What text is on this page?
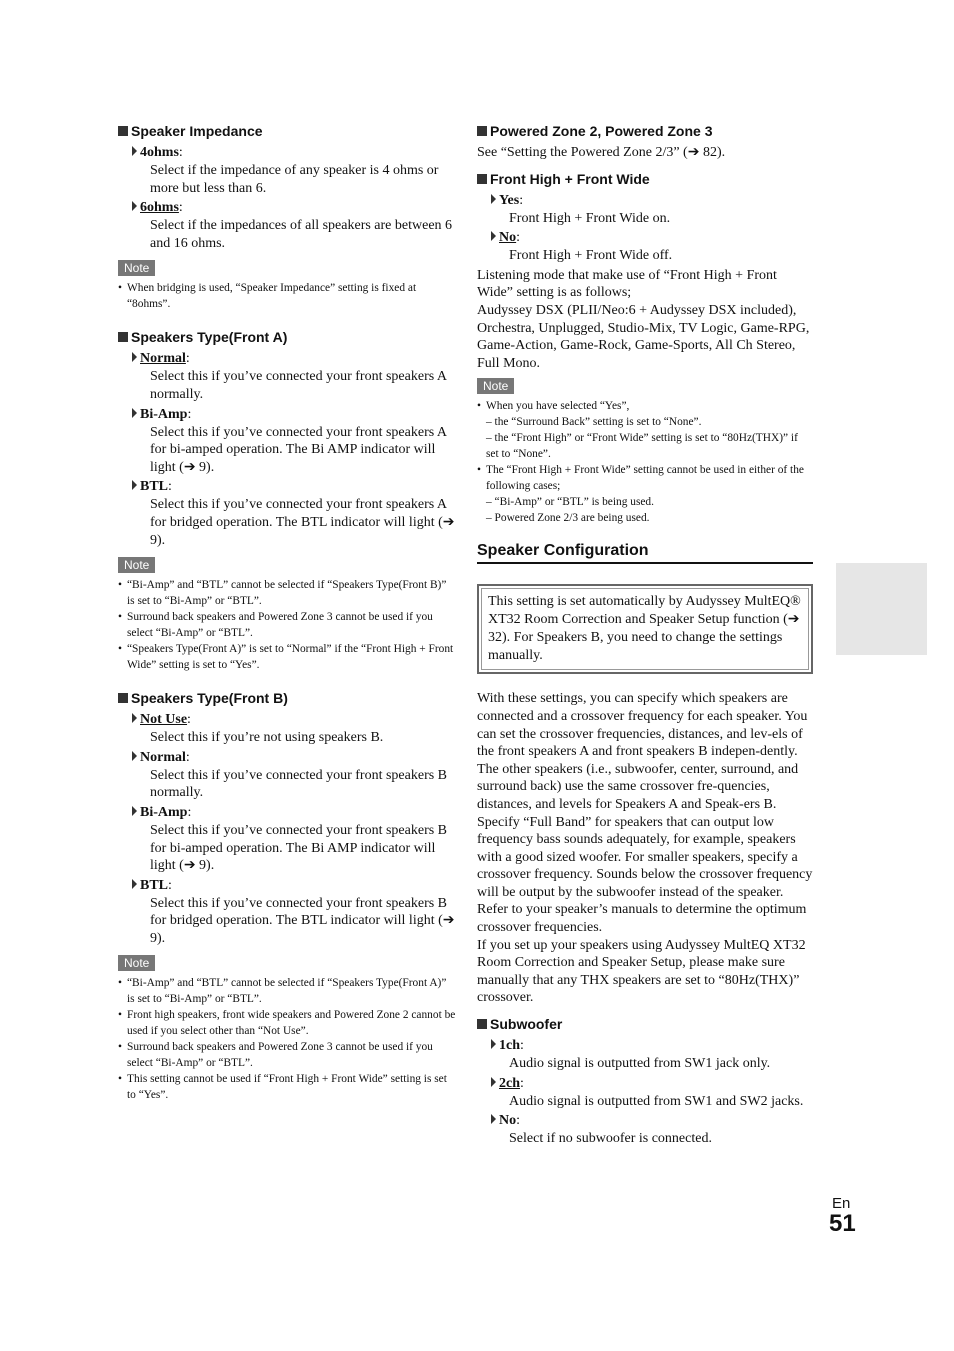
Speaker Impedance
4ohms:
Select if the impedance of any speaker is 4 ohms or more but less than 6.
6ohms:
Select if the impedances of all speakers are between 6 and 16 ohms.
Note
• When bridging is used, “Speaker Impedance” setting is fixed at “8ohms”.
Speakers Type(Front A)
Normal:
Select this if you’ve connected your front speakers A normally.
Bi-Amp:
Select this if you’ve connected your front speakers A for bi-amped operation. The Bi AMP indicator will light (➔ 9).
BTL:
Select this if you’ve connected your front speakers A for bridged operation. The BTL indicator will light (➔ 9).
Note
• “Bi-Amp” and “BTL” cannot be selected if “Speakers Type(Front B)” is set to “Bi-Amp” or “BTL”.
• Surround back speakers and Powered Zone 3 cannot be used if you select “Bi-Amp” or “BTL”.
• “Speakers Type(Front A)” is set to “Normal” if the “Front High + Front Wide” setting is set to “Yes”.
Speakers Type(Front B)
Not Use:
Select this if you’re not using speakers B.
Normal:
Select this if you’ve connected your front speakers B normally.
Bi-Amp:
Select this if you’ve connected your front speakers B for bi-amped operation. The Bi AMP indicator will light (➔ 9).
BTL:
Select this if you’ve connected your front speakers B for bridged operation. The BTL indicator will light (➔ 9).
Note
• “Bi-Amp” and “BTL” cannot be selected if “Speakers Type(Front A)” is set to “Bi-Amp” or “BTL”.
• Front high speakers, front wide speakers and Powered Zone 2 cannot be used if you select other than “Not Use”.
• Surround back speakers and Powered Zone 3 cannot be used if you select “Bi-Amp” or “BTL”.
• This setting cannot be used if “Front High + Front Wide” setting is set to “Yes”.
Powered Zone 2, Powered Zone 3

See “Setting the Powered Zone 2/3” (➔ 82).

Front High + Front Wide
Yes:
Front High + Front Wide on.
No:
Front High + Front Wide off.

Listening mode that make use of “Front High + Front Wide” setting is as follows;

Audyssey DSX (PLII/Neo:6 + Audyssey DSX included), Orchestra, Unplugged, Studio-Mix, TV Logic, Game-RPG, Game-Action, Game-Rock, Game-Sports, All Ch Stereo, Full Mono.

Note
• When you have selected “Yes”,
– the “Surround Back” setting is set to “None”.
– the “Front High” or “Front Wide” setting is set to “80Hz(THX)” if set to “None”.
• The “Front High + Front Wide” setting cannot be used in either of the following cases;
– “Bi-Amp” or “BTL” is being used.
– Powered Zone 2/3 are being used.
Speaker Configuration
This setting is set automatically by Audyssey MultEQ® XT32 Room Correction and Speaker Setup function (➔ 32). For Speakers B, you need to change the settings manually.

With these settings, you can specify which speakers are connected and a crossover frequency for each speaker. You can set the crossover frequencies, distances, and lev-els of the front speakers A and front speakers B indepen-dently. The other speakers (i.e., subwoofer, center, surround, and surround back) use the same crossover fre-quencies, distances, and levels for Speakers A and Speak-ers B. Specify “Full Band” for speakers that can output low frequency bass sounds adequately, for example, speakers with a good sized woofer. For smaller speakers, specify a crossover frequency. Sounds below the crossover frequency will be output by the subwoofer instead of the speaker. Refer to your speaker’s manuals to determine the optimum crossover frequencies.

If you set up your speakers using Audyssey MultEQ XT32 Room Correction and Speaker Setup, please make sure manually that any THX speakers are set to “80Hz(THX)” crossover.

Subwoofer
1ch:
Audio signal is outputted from SW1 jack only.
2ch:
Audio signal is outputted from SW1 and SW2 jacks.
No:
Select if no subwoofer is connected.
En
51
